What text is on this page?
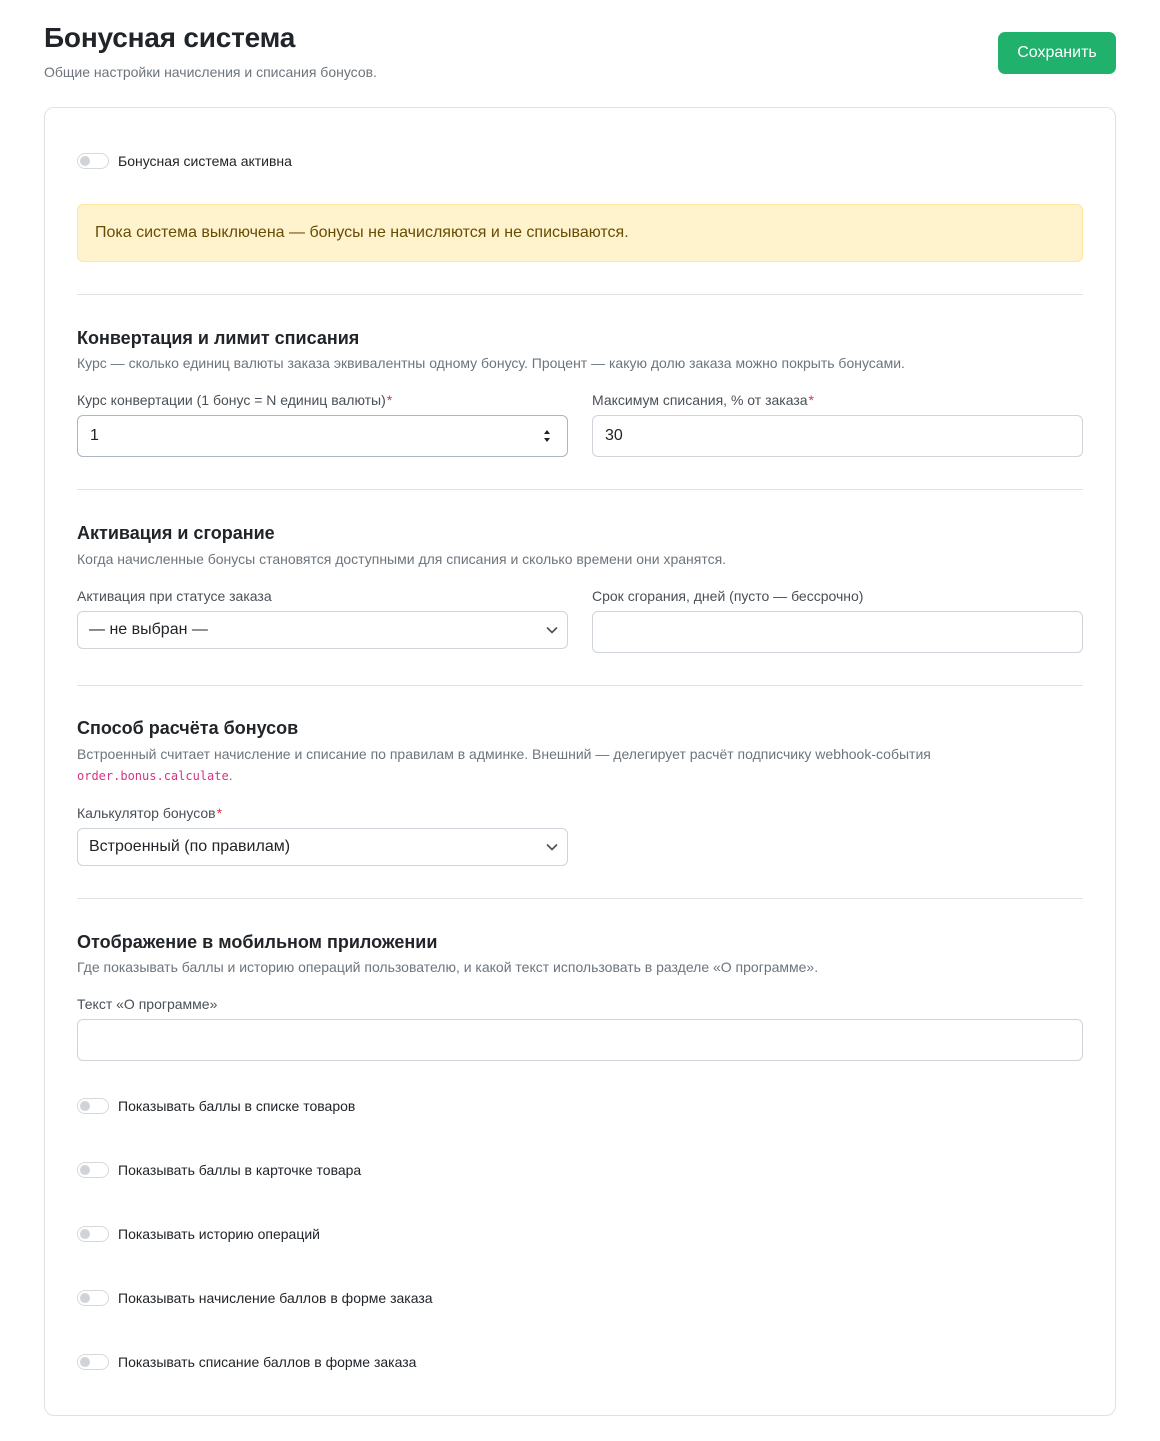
Бонусная система
Общие настройки начисления и списания бонусов.
Сохранить
Бонусная система активна
Пока система выключена — бонусы не начисляются и не списываются.
Конвертация и лимит списания
Курс — сколько единиц валюты заказа эквивалентны одному бонусу. Процент — какую долю заказа можно покрыть бонусами.
Курс конвертации (1 бонус = N единиц валюты)*
1
Максимум списания, % от заказа*
30
Активация и сгорание
Когда начисленные бонусы становятся доступными для списания и сколько времени они хранятся.
Активация при статусе заказа
— не выбран —
Срок сгорания, дней (пусто — бессрочно)
Способ расчёта бонусов
Встроенный считает начисление и списание по правилам в админке. Внешний — делегирует расчёт подписчику webhook-события
order.bonus.calculate.
Калькулятор бонусов*
Встроенный (по правилам)
Отображение в мобильном приложении
Где показывать баллы и историю операций пользователю, и какой текст использовать в разделе «О программе».
Текст «О программе»
Показывать баллы в списке товаров
Показывать баллы в карточке товара
Показывать историю операций
Показывать начисление баллов в форме заказа
Показывать списание баллов в форме заказа
